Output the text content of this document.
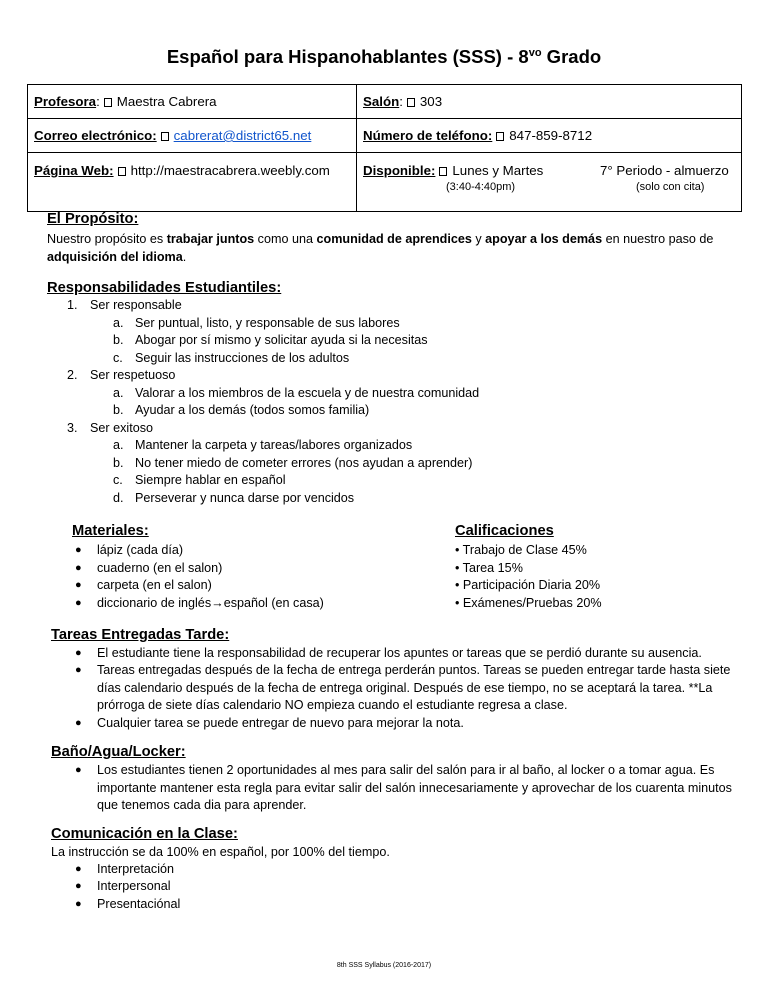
Español para Hispanohablantes $(SSS) - 8^{vo}$ Grado
Profesora: Maestra Cabrera	Salón: 303
Correo electrónico: cabrerat@district65.net	Número de teléfono: 847-859-8712
Página Web: http://maestracabrera.weebly.com	Disponible: Lunes y Martes 7° Periodo - almuerzo
(3:40-4:40pm) (solo con cita)
El Propósito:
Nuestro propósito es trabajar juntos como una comunidad de aprendices y apoyar a los demás en nuestro paso de
adquisición del idioma.
Responsabilidades Estudiantiles:
1. Ser responsable
a. Ser puntual, listo, y responsable de sus labores
b. Abogar por sí mismo y solicitar ayuda si la necesitas
c. Seguir las instrucciones de los adultos
2. Ser respetuoso
a. Valorar a los miembros de la escuela y de nuestra comunidad
b. Ayudar a los demás (todos somos familia)
3. Ser exitoso
a. Mantener la carpeta y tareas/labores organizados
b. No tener miedo de cometer errores (nos ayudan a aprender)
c. Siempre hablar en español
d. Perseverar y nunca darse por vencidos
Materiales:
● lápiz (cada día)
● cuaderno (en el salon)
● carpeta (en el salon)
● diccionario de inglés→español (en casa)
Calificaciones
• Trabajo de Clase 45%
• Tarea 15%
• Participación Diaria 20%
• Exámenes/Pruebas 20%
Tareas Entregadas Tarde:
● El estudiante tiene la responsabilidad de recuperar los apuntes or tareas que se perdió durante su ausencia.
● Tareas entregadas después de la fecha de entrega perderán puntos. Tareas se pueden entregar tarde hasta siete
días calendario después de la fecha de entrega original. Después de ese tiempo, no se aceptará la tarea. **La
prórroga de siete días calendario NO empieza cuando el estudiante regresa a clase.
● Cualquier tarea se puede entregar de nuevo para mejorar la nota.
Baño/Agua/Locker:
● Los estudiantes tienen 2 oportunidades al mes para salir del salón para ir al baño, al locker o a tomar agua. Es
importante mantener esta regla para evitar salir del salón innecesariamente y aprovechar de los cuarenta minutos
que tenemos cada dia para aprender.
Comunicación en la Clase:
La instrucción se da 100% en español, por 100% del tiempo.
● Interpretación
● Interpersonal
● Presentaciónal
8th SSS Syllabus (2016-2017)
